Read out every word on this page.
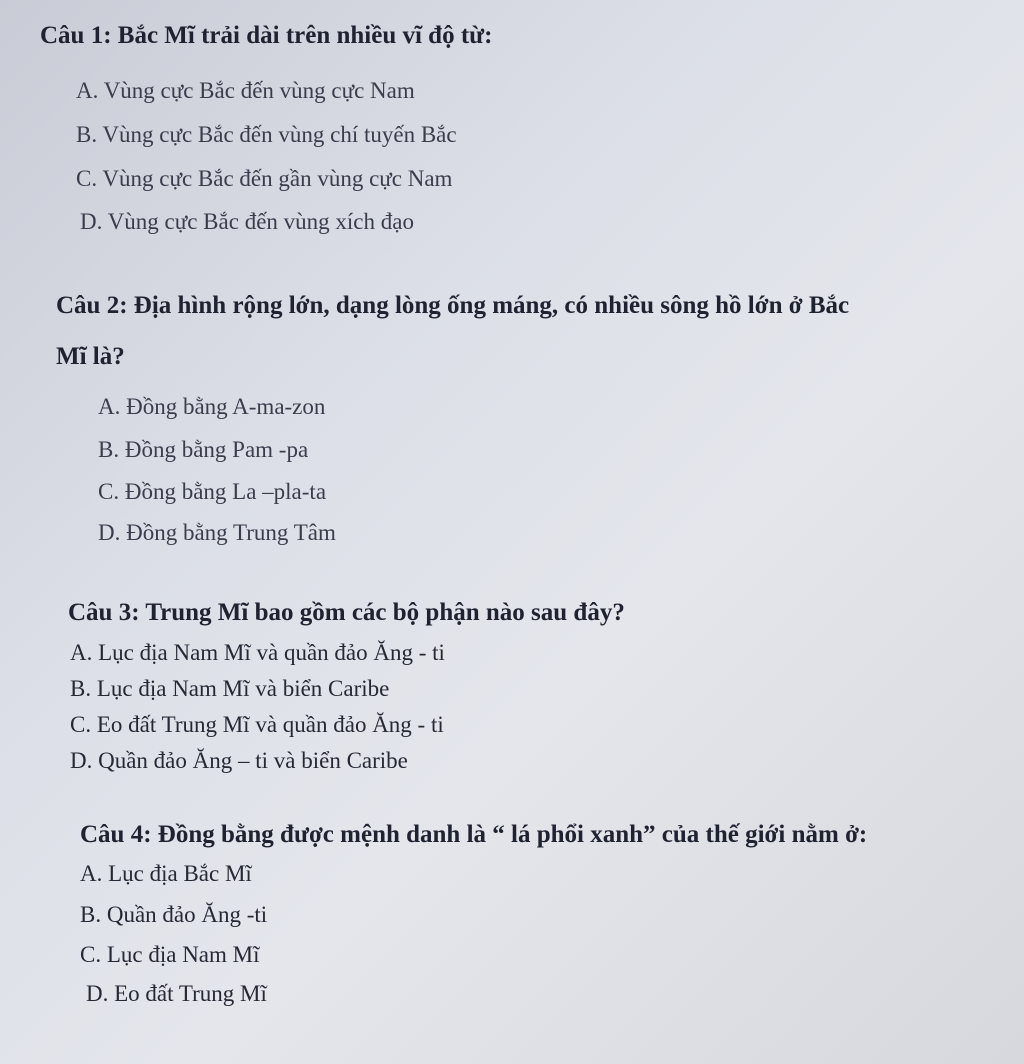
Câu 1: Bắc Mĩ trải dài trên nhiều vĩ độ từ:
A. Vùng cực Bắc đến vùng cực Nam
B. Vùng cực Bắc đến vùng chí tuyến Bắc
C. Vùng cực Bắc đến gần vùng cực Nam
D. Vùng cực Bắc đến vùng xích đạo
Câu 2: Địa hình rộng lớn, dạng lòng ống máng, có nhiều sông hồ lớn ở Bắc
Mĩ là?
A. Đồng bằng A-ma-zon
B. Đồng bằng Pam -pa
C. Đồng bằng La –pla-ta
D. Đồng bằng Trung Tâm
Câu 3: Trung Mĩ bao gồm các bộ phận nào sau đây?
A. Lục địa Nam Mĩ và quần đảo Ăng - ti
B. Lục địa Nam Mĩ và biển Caribe
C. Eo đất Trung Mĩ và quần đảo Ăng - ti
D. Quần đảo Ăng – ti và biển Caribe
Câu 4: Đồng bằng được mệnh danh là “ lá phổi xanh” của thế giới nằm ở:
A. Lục địa Bắc Mĩ
B. Quần đảo Ăng -ti
C. Lục địa Nam Mĩ
D. Eo đất Trung Mĩ
